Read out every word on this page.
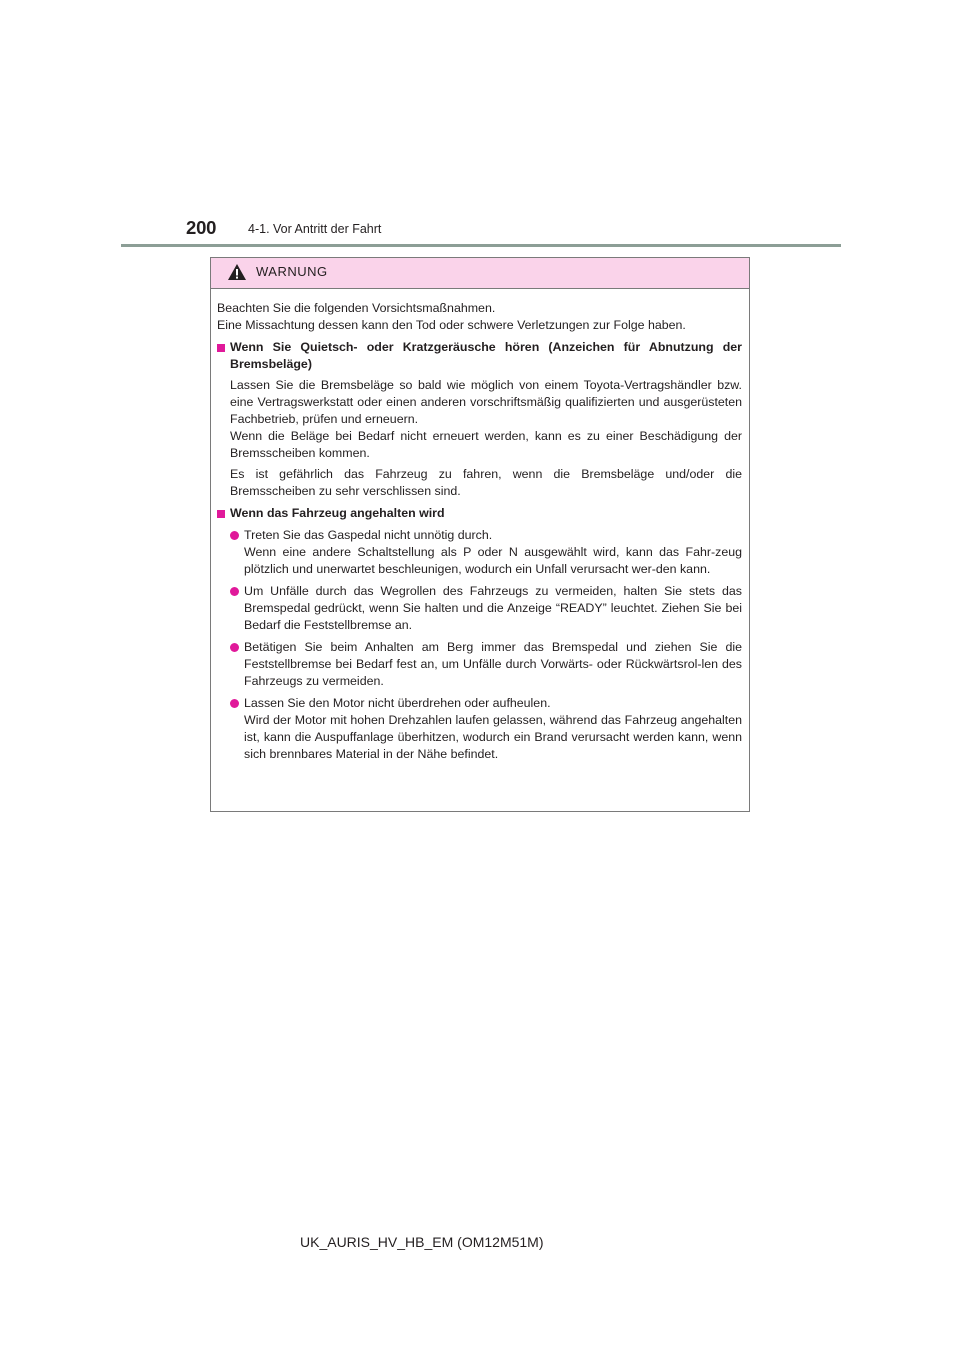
200	4-1. Vor Antritt der Fahrt
WARNUNG
Beachten Sie die folgenden Vorsichtsmaßnahmen.
Eine Missachtung dessen kann den Tod oder schwere Verletzungen zur Folge haben.
Wenn Sie Quietsch- oder Kratzgeräusche hören (Anzeichen für Abnutzung der Bremsbeläge)
Lassen Sie die Bremsbeläge so bald wie möglich von einem Toyota-Vertragshändler bzw. eine Vertragswerkstatt oder einen anderen vorschriftsmäßig qualifizierten und ausgerüsteten Fachbetrieb, prüfen und erneuern.
Wenn die Beläge bei Bedarf nicht erneuert werden, kann es zu einer Beschädigung der Bremsscheiben kommen.
Es ist gefährlich das Fahrzeug zu fahren, wenn die Bremsbeläge und/oder die Bremsscheiben zu sehr verschlissen sind.
Wenn das Fahrzeug angehalten wird
Treten Sie das Gaspedal nicht unnötig durch.
Wenn eine andere Schaltstellung als P oder N ausgewählt wird, kann das Fahr-zeug plötzlich und unerwartet beschleunigen, wodurch ein Unfall verursacht wer-den kann.
Um Unfälle durch das Wegrollen des Fahrzeugs zu vermeiden, halten Sie stets das Bremspedal gedrückt, wenn Sie halten und die Anzeige “READY” leuchtet. Ziehen Sie bei Bedarf die Feststellbremse an.
Betätigen Sie beim Anhalten am Berg immer das Bremspedal und ziehen Sie die Feststellbremse bei Bedarf fest an, um Unfälle durch Vorwärts- oder Rückwärtsrol-len des Fahrzeugs zu vermeiden.
Lassen Sie den Motor nicht überdrehen oder aufheulen.
Wird der Motor mit hohen Drehzahlen laufen gelassen, während das Fahrzeug angehalten ist, kann die Auspuffanlage überhitzen, wodurch ein Brand verursacht werden kann, wenn sich brennbares Material in der Nähe befindet.
UK_AURIS_HV_HB_EM (OM12M51M)
